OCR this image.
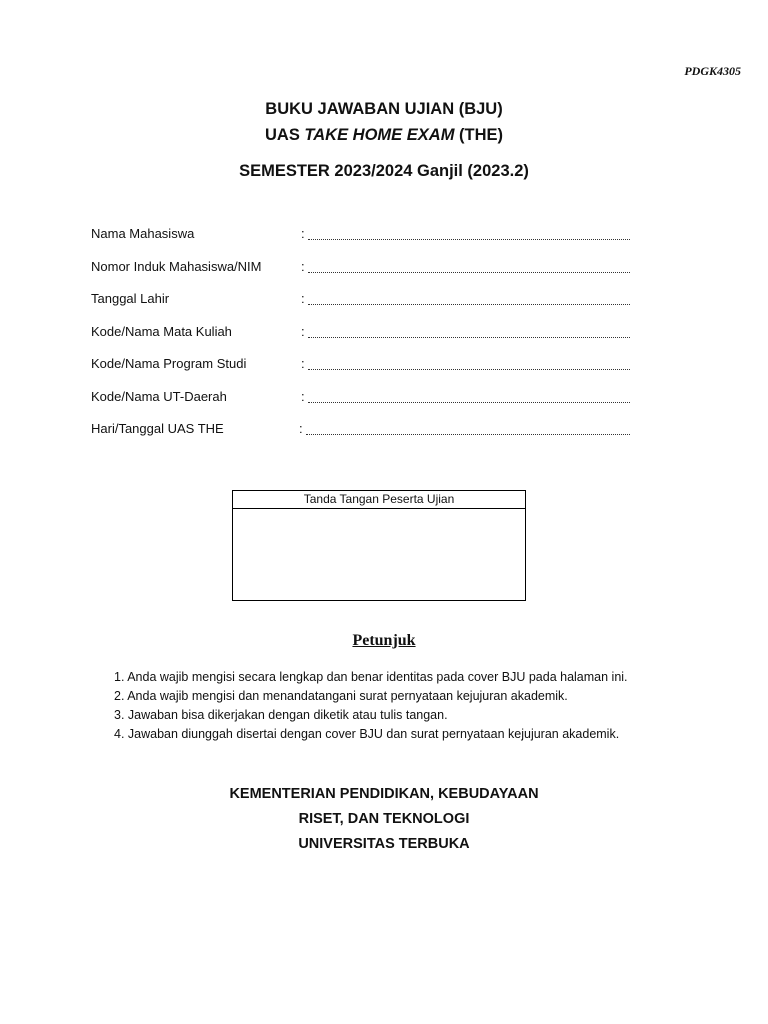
PDGK4305
BUKU JAWABAN UJIAN (BJU)
UAS TAKE HOME EXAM (THE)
SEMESTER 2023/2024 Ganjil (2023.2)
Nama Mahasiswa	:
Nomor Induk Mahasiswa/NIM	:
Tanggal Lahir	:
Kode/Nama Mata Kuliah	:
Kode/Nama Program Studi	:
Kode/Nama UT-Daerah	:
Hari/Tanggal UAS THE	:
Tanda Tangan Peserta Ujian
Petunjuk
1. Anda wajib mengisi secara lengkap dan benar identitas pada cover BJU pada halaman ini.
2. Anda wajib mengisi dan menandatangani surat pernyataan kejujuran akademik.
3. Jawaban bisa dikerjakan dengan diketik atau tulis tangan.
4. Jawaban diunggah disertai dengan cover BJU dan surat pernyataan kejujuran akademik.
KEMENTERIAN PENDIDIKAN, KEBUDAYAAN
RISET, DAN TEKNOLOGI
UNIVERSITAS TERBUKA
